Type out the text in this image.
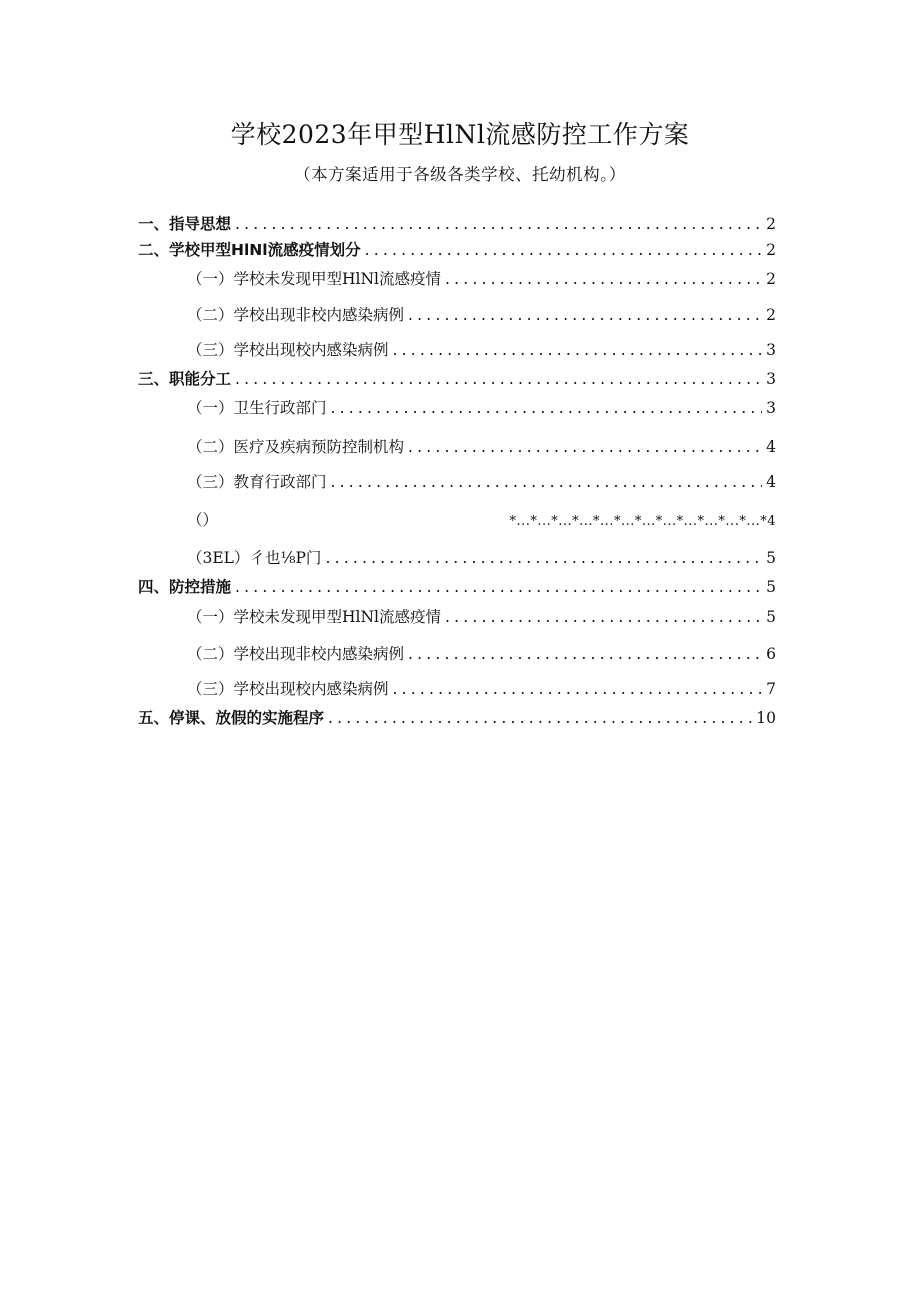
学校2023年甲型HlNl流感防控工作方案
（本方案适用于各级各类学校、托幼机构。）
一、指导思想 .....	2
二、学校甲型HlNl流感疫情划分 .....	2
（一）学校未发现甲型HlNl流感疫情 .....	2
（二）学校出现非校内感染病例 .....	2
（三）学校出现校内感染病例 .....	3
三、职能分工 .....	3
（一）卫生行政部门 .....	3
（二）医疗及疾病预防控制机构 .....	4
（三）教育行政部门 .....	4
（）	*...*...*...*...*...*...*...*...*...*...*...*...*4
（3EL）彳也⅛P门 .....	5
四、防控措施 .....	5
（一）学校未发现甲型HlNl流感疫情 .....	5
（二）学校出现非校内感染病例 .....	6
（三）学校出现校内感染病例 .....	7
五、停课、放假的实施程序 .....	10
